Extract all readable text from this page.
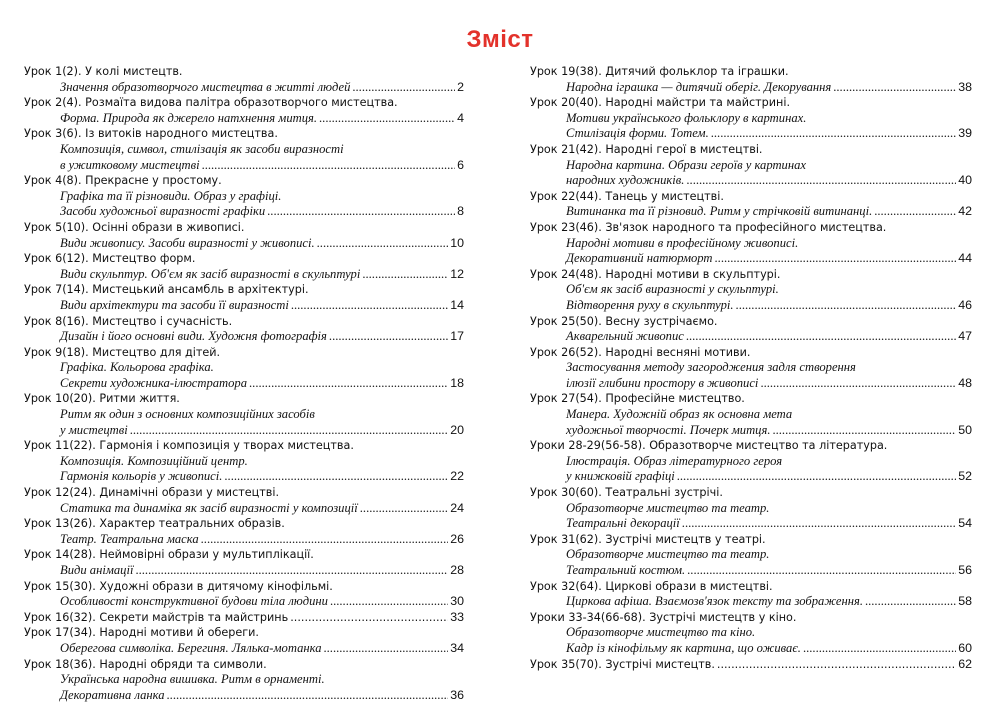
Зміст
Урок 1(2). У колі мистецтв.
Значення образотворчого мистецтва в житті людей .....	2
Урок 2(4). Розмаїта видова палітра образотворчого мистецтва.
Форма. Природа як джерело натхнення митця. .....	4
Урок 3(6). Із витоків народного мистецтва.
Композиція, символ, стилізація як засоби виразності
в ужитковому мистецтві .....	6
Урок 4(8). Прекрасне у простому.
Графіка та її різновиди. Образ у графіці.
Засоби художньої виразності графіки .....	8
Урок 5(10). Осінні образи в живописі.
Види живопису. Засоби виразності у живописі. .....	10
Урок 6(12). Мистецтво форм.
Види скульптур. Об'єм як засіб виразності в скульптурі .....	12
Урок 7(14). Мистецький ансамбль в архітектурі.
Види архітектури та засоби її виразності .....	14
Урок 8(16). Мистецтво і сучасність.
Дизайн і його основні види. Художня фотографія .....	17
Урок 9(18). Мистецтво для дітей.
Графіка. Кольорова графіка.
Секрети художника-ілюстратора .....	18
Урок 10(20). Ритми життя.
Ритм як один з основних композиційних засобів
у мистецтві .....	20
Урок 11(22). Гармонія і композиція у творах мистецтва.
Композиція. Композиційний центр.
Гармонія кольорів у живописі. .....	22
Урок 12(24). Динамічні образи у мистецтві.
Статика та динаміка як засіб виразності у композиції .....	24
Урок 13(26). Характер театральних образів.
Театр. Театральна маска .....	26
Урок 14(28). Неймовірні образи у мультиплікації.
Види анімації .....	28
Урок 15(30). Художні образи в дитячому кінофільмі.
Особливості конструктивної будови тіла людини .....	30
Урок 16(32). Секрети майстрів та майстринь .....	33
Урок 17(34). Народні мотиви й обереги.
Оберегова символіка. Берегиня. Лялька-мотанка .....	34
Урок 18(36). Народні обряди та символи.
Українська народна вишивка. Ритм в орнаменті.
Декоративна ланка .....	36
Урок 19(38). Дитячий фольклор та іграшки.
Народна іграшка — дитячий оберіг. Декорування .....	38
Урок 20(40). Народні майстри та майстрині.
Мотиви українського фольклору в картинах.
Стилізація форми. Тотем. .....	39
Урок 21(42). Народні герої в мистецтві.
Народна картина. Образи героїв у картинах
народних художників. .....	40
Урок 22(44). Танець у мистецтві.
Витинанка та її різновид. Ритм у стрічковій витинанці. .....	42
Урок 23(46). Зв'язок народного та професійного мистецтва.
Народні мотиви в професійному живописі.
Декоративний натюрморт .....	44
Урок 24(48). Народні мотиви в скульптурі.
Об'єм як засіб виразності у скульптурі.
Відтворення руху в скульптурі. .....	46
Урок 25(50). Весну зустрічаємо.
Акварельний живопис .....	47
Урок 26(52). Народні весняні мотиви.
Застосування методу загороджения задля створення
ілюзії глибини простору в живописі .....	48
Урок 27(54). Професійне мистецтво.
Манера. Художній образ як основна мета
художньої творчості. Почерк митця. .....	50
Уроки 28-29(56-58). Образотворче мистецтво та література.
Ілюстрація. Образ літературного героя
у книжковій графіці .....	52
Урок 30(60). Театральні зустрічі.
Образотворче мистецтво та театр.
Театральні декорації .....	54
Урок 31(62). Зустрічі мистецтв у театрі.
Образотворче мистецтво та театр.
Театральний костюм. .....	56
Урок 32(64). Циркові образи в мистецтві.
Циркова афіша. Взаємозв'язок тексту та зображення. .....	58
Уроки 33-34(66-68). Зустрічі мистецтв у кіно.
Образотворче мистецтво та кіно.
Кадр із кінофільму як картина, що оживає. .....	60
Урок 35(70). Зустрічі мистецтв. .....	62
